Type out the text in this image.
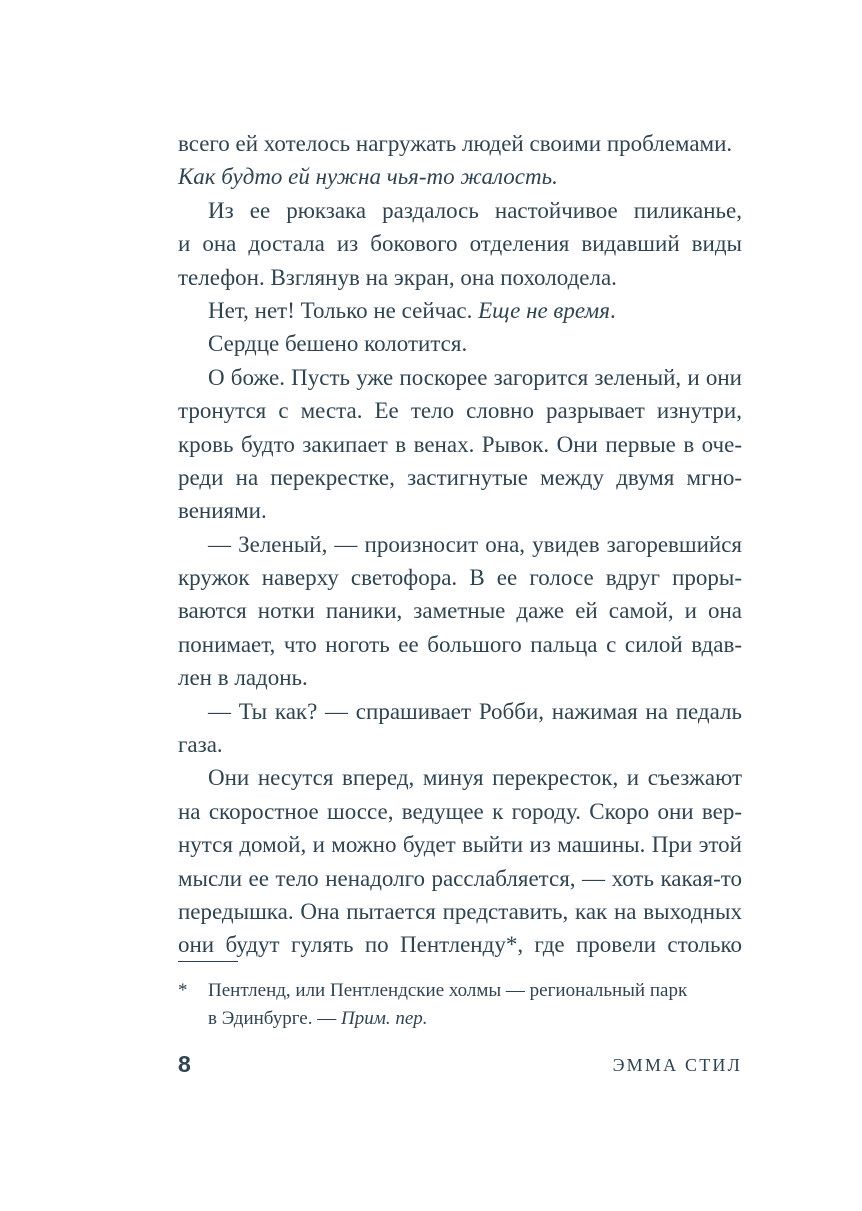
всего ей хотелось нагружать людей своими проблемами.
Как будто ей нужна чья-то жалость.
Из ее рюкзака раздалось настойчивое пиликанье,
и она достала из бокового отделения видавший виды
телефон. Взглянув на экран, она похолодела.
Нет, нет! Только не сейчас. Еще не время.
Сердце бешено колотится.
О боже. Пусть уже поскорее загорится зеленый, и они
тронутся с места. Ее тело словно разрывает изнутри,
кровь будто закипает в венах. Рывок. Они первые в оче-
реди на перекрестке, застигнутые между двумя мгно-
вениями.
— Зеленый, — произносит она, увидев загоревшийся
кружок наверху светофора. В ее голосе вдруг проры-
ваются нотки паники, заметные даже ей самой, и она
понимает, что ноготь ее большого пальца с силой вдав-
лен в ладонь.
— Ты как? — спрашивает Робби, нажимая на педаль
газа.
Они несутся вперед, минуя перекресток, и съезжают
на скоростное шоссе, ведущее к городу. Скоро они вер-
нутся домой, и можно будет выйти из машины. При этой
мысли ее тело ненадолго расслабляется, — хоть какая-то
передышка. Она пытается представить, как на выходных
они будут гулять по Пентленду*, где провели столько
* Пентленд, или Пентлендские холмы — региональный парк
в Эдинбурге. — Прим. пер.
8	ЭММА СТИЛ
